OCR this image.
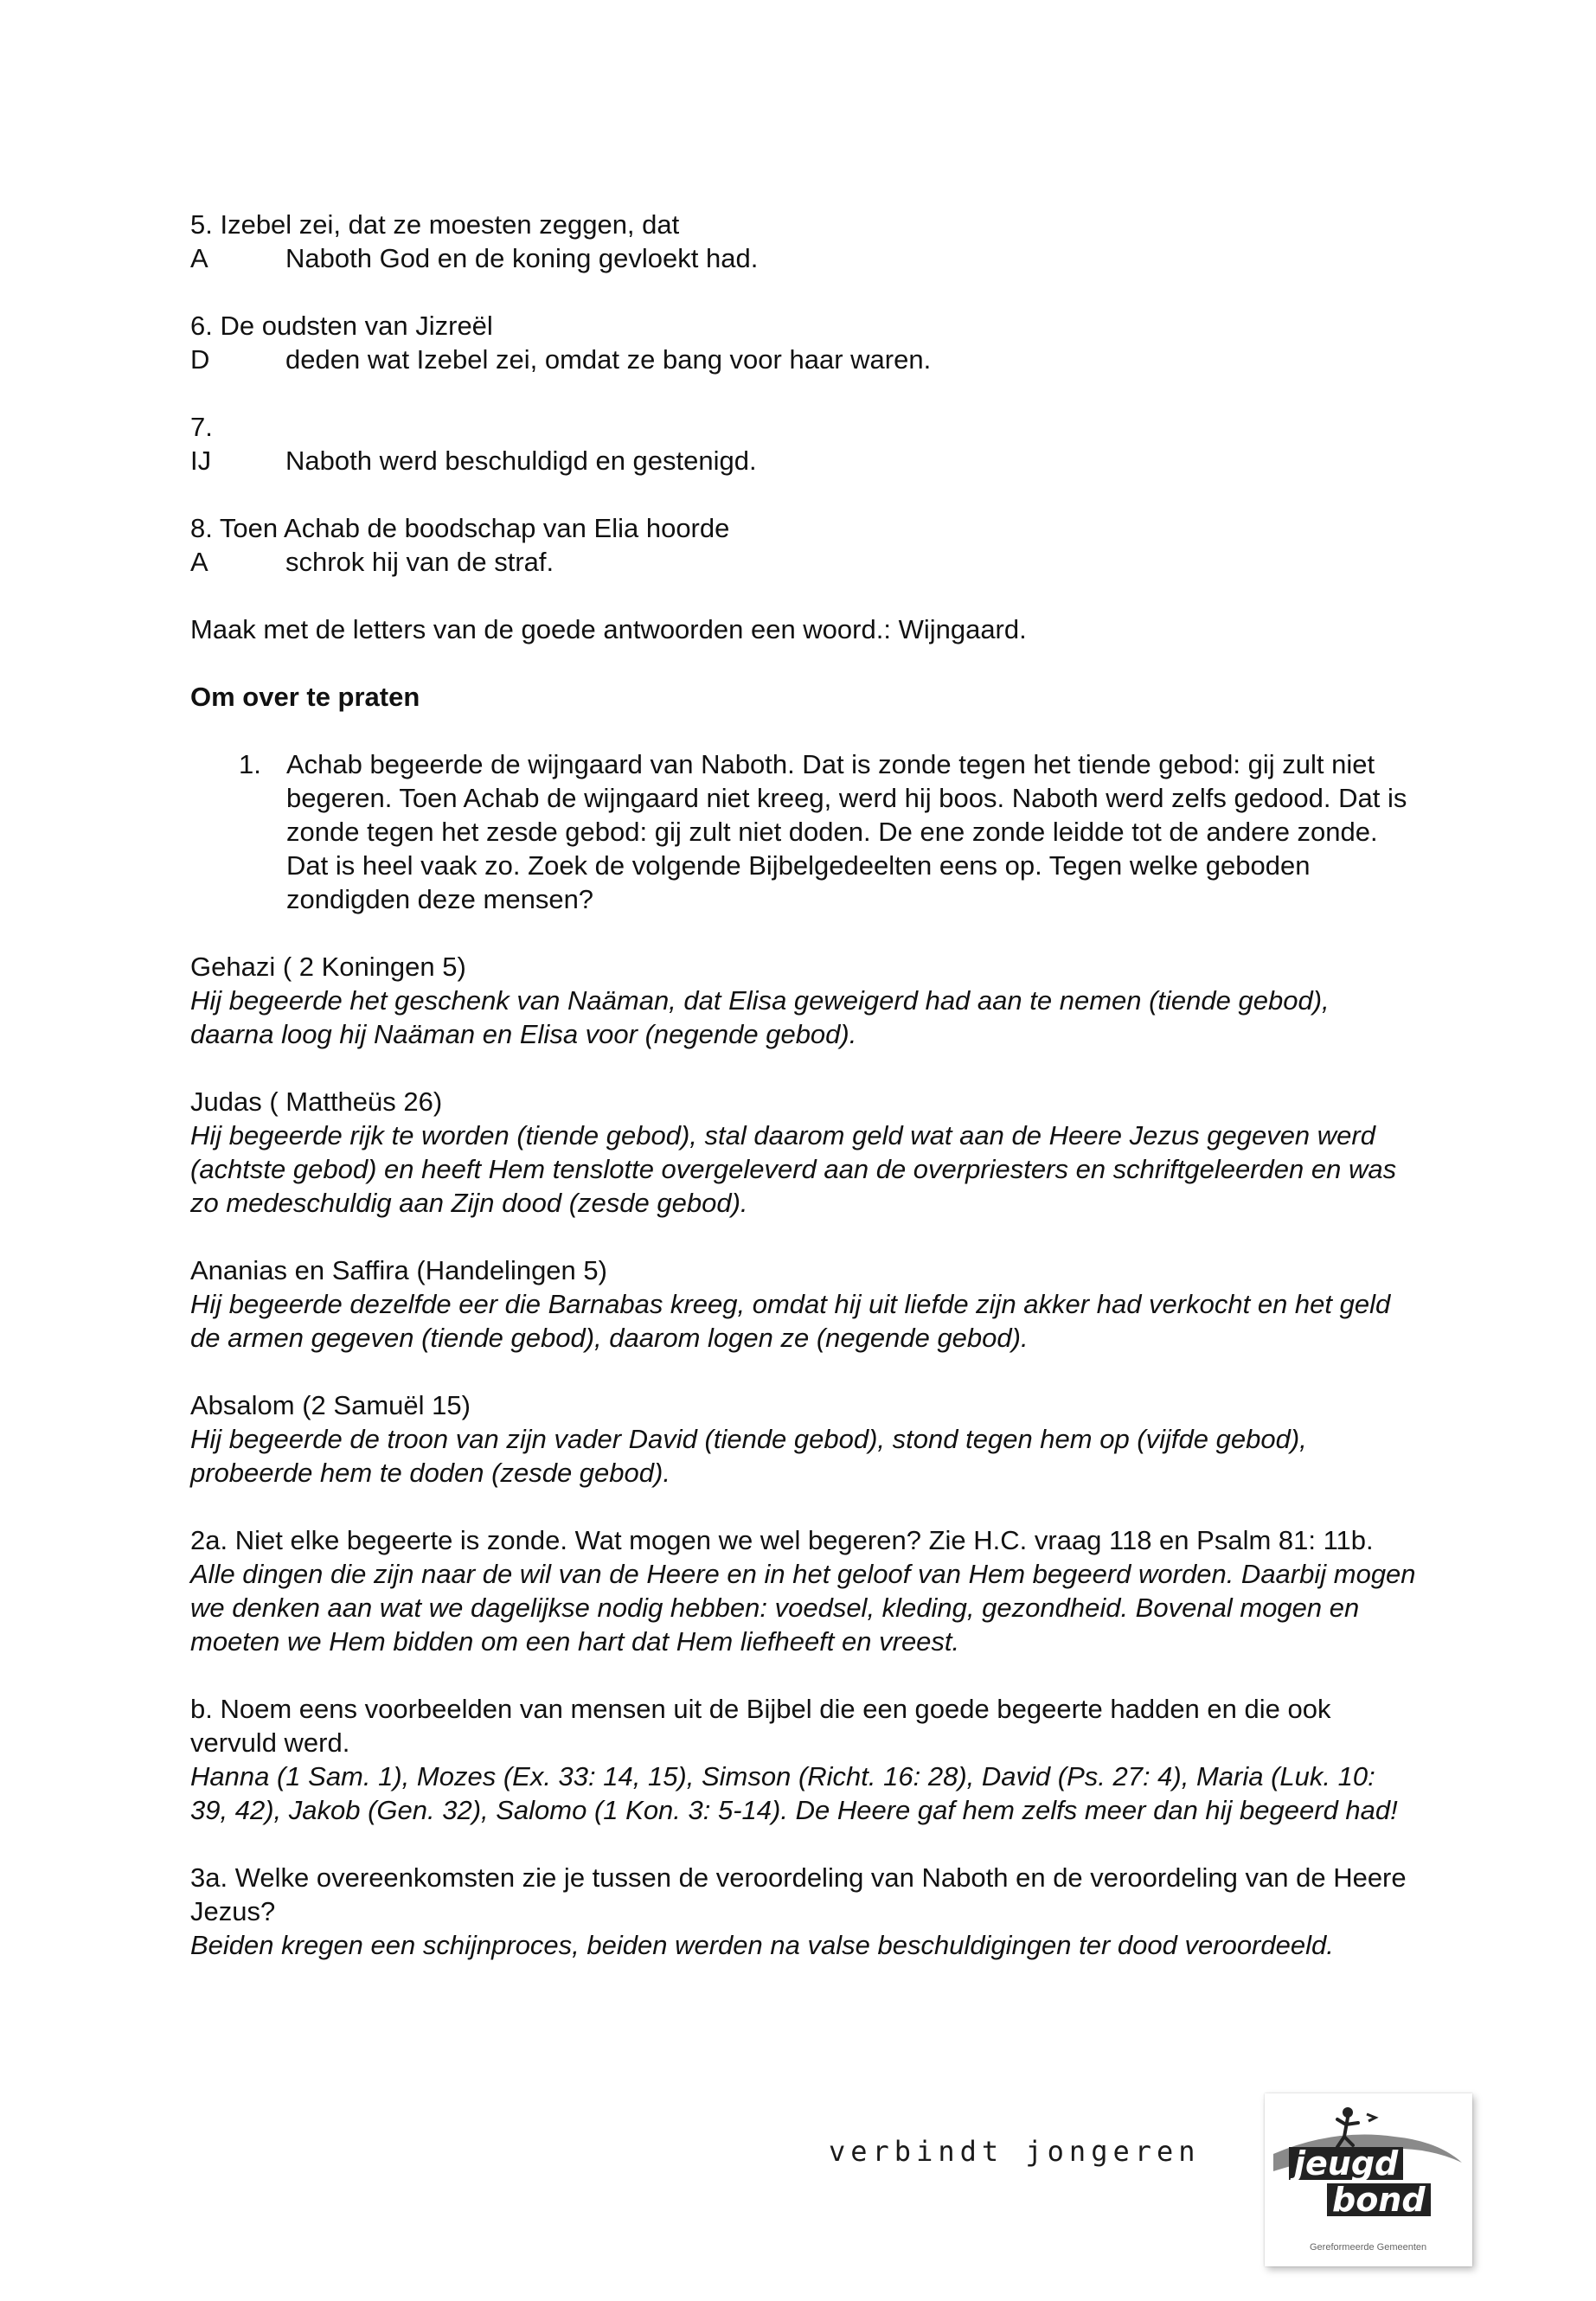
5. Izebel zei, dat ze moesten zeggen, dat

A	Naboth God en de koning gevloekt had.

6. De oudsten van Jizreël

D	deden wat Izebel zei, omdat ze bang voor haar waren.

7.

IJ	Naboth werd beschuldigd en gestenigd.

8. Toen Achab de boodschap van Elia hoorde

A	schrok hij van de straf.

Maak met de letters van de goede antwoorden een woord.: Wijngaard.

Om over te praten

1. Achab begeerde de wijngaard van Naboth. Dat is zonde tegen het tiende gebod: gij zult niet begeren. Toen Achab de wijngaard niet kreeg, werd hij boos. Naboth werd zelfs gedood. Dat is zonde tegen het zesde gebod: gij zult niet doden. De ene zonde leidde tot de andere zonde. Dat is heel vaak zo. Zoek de volgende Bijbelgedeelten eens op. Tegen welke geboden zondigden deze mensen?

Gehazi ( 2 Koningen 5)

Hij begeerde het geschenk van Naäman, dat Elisa geweigerd had aan te nemen (tiende gebod), daarna loog hij Naäman en Elisa voor (negende gebod).

Judas ( Mattheüs 26)

Hij begeerde rijk te worden (tiende gebod), stal daarom geld wat aan de Heere Jezus gegeven werd (achtste gebod) en heeft Hem tenslotte overgeleverd aan de overpriesters en schriftgeleerden en was zo medeschuldig aan Zijn dood (zesde gebod).

Ananias en Saffira (Handelingen 5)

Hij begeerde dezelfde eer die Barnabas kreeg, omdat hij uit liefde zijn akker had verkocht en het geld de armen gegeven (tiende gebod), daarom logen ze (negende gebod).

Absalom (2 Samuël 15)

Hij begeerde de troon van zijn vader David (tiende gebod), stond tegen hem op (vijfde gebod), probeerde hem te doden (zesde gebod).

2a. Niet elke begeerte is zonde. Wat mogen we wel begeren? Zie H.C. vraag 118 en Psalm 81: 11b.

Alle dingen die zijn naar de wil van de Heere en in het geloof van Hem begeerd worden. Daarbij mogen we denken aan wat we dagelijkse nodig hebben: voedsel, kleding, gezondheid. Bovenal mogen en moeten we Hem bidden om een hart dat Hem liefheeft en vreest.

b. Noem eens voorbeelden van mensen uit de Bijbel die een goede begeerte hadden en die ook vervuld werd.

Hanna (1 Sam. 1), Mozes (Ex. 33: 14, 15), Simson (Richt. 16: 28), David (Ps. 27: 4), Maria (Luk. 10: 39, 42), Jakob (Gen. 32), Salomo (1 Kon. 3: 5-14). De Heere gaf hem zelfs meer dan hij begeerd had!

3a. Welke overeenkomsten zie je tussen de veroordeling van Naboth en de veroordeling van de Heere Jezus?

Beiden kregen een schijnproces, beiden werden na valse beschuldigingen ter dood veroordeeld.

verbindt jongeren	jeugd
bond
Gereformeerde Gemeenten
